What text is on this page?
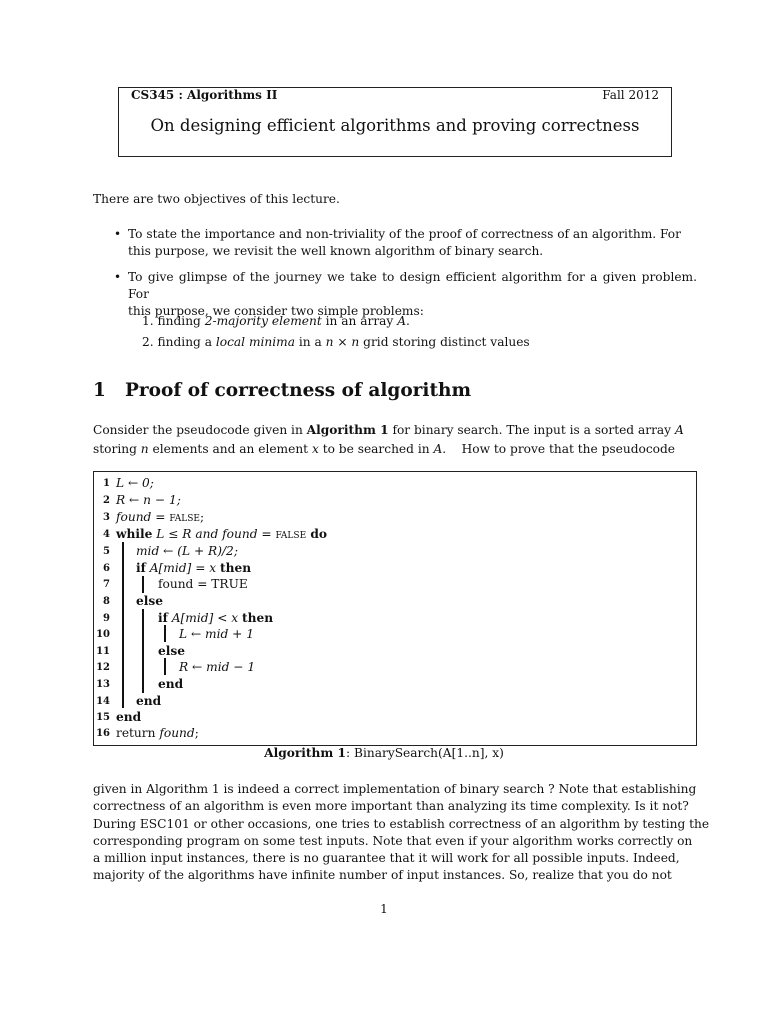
CS345 : Algorithms II	Fall 2012
On designing efficient algorithms and proving correctness
There are two objectives of this lecture.
• To state the importance and non-triviality of the proof of correctness of an algorithm. For
this purpose, we revisit the well known algorithm of binary search.
• To give glimpse of the journey we take to design efficient algorithm for a given problem. For
this purpose, we consider two simple problems:
1. finding 2-majority element in an array A.
2. finding a local minima in a n × n grid storing distinct values
1 Proof of correctness of algorithm
Consider the pseudocode given in Algorithm 1 for binary search. The input is a sorted array A
storing n elements and an element x to be searched in A.    How to prove that the pseudocode
1
2
3
4
5
6
7
8
9
10
11
12
13
14
15
16
L ← 0;
R ← n − 1;
found = false;
while L ≤ R and found = false do
mid ← (L + R)/2;
if A[mid] = x then
found = TRUE
else
if A[mid] < x then
L ← mid + 1
else
R ← mid − 1
end
end
end
return found;
Algorithm 1: BinarySearch(A[1..n], x)
given in Algorithm 1 is indeed a correct implementation of binary search ? Note that establishing
correctness of an algorithm is even more important than analyzing its time complexity. Is it not?
During ESC101 or other occasions, one tries to establish correctness of an algorithm by testing the
corresponding program on some test inputs. Note that even if your algorithm works correctly on
a million input instances, there is no guarantee that it will work for all possible inputs. Indeed,
majority of the algorithms have infinite number of input instances. So, realize that you do not
1
